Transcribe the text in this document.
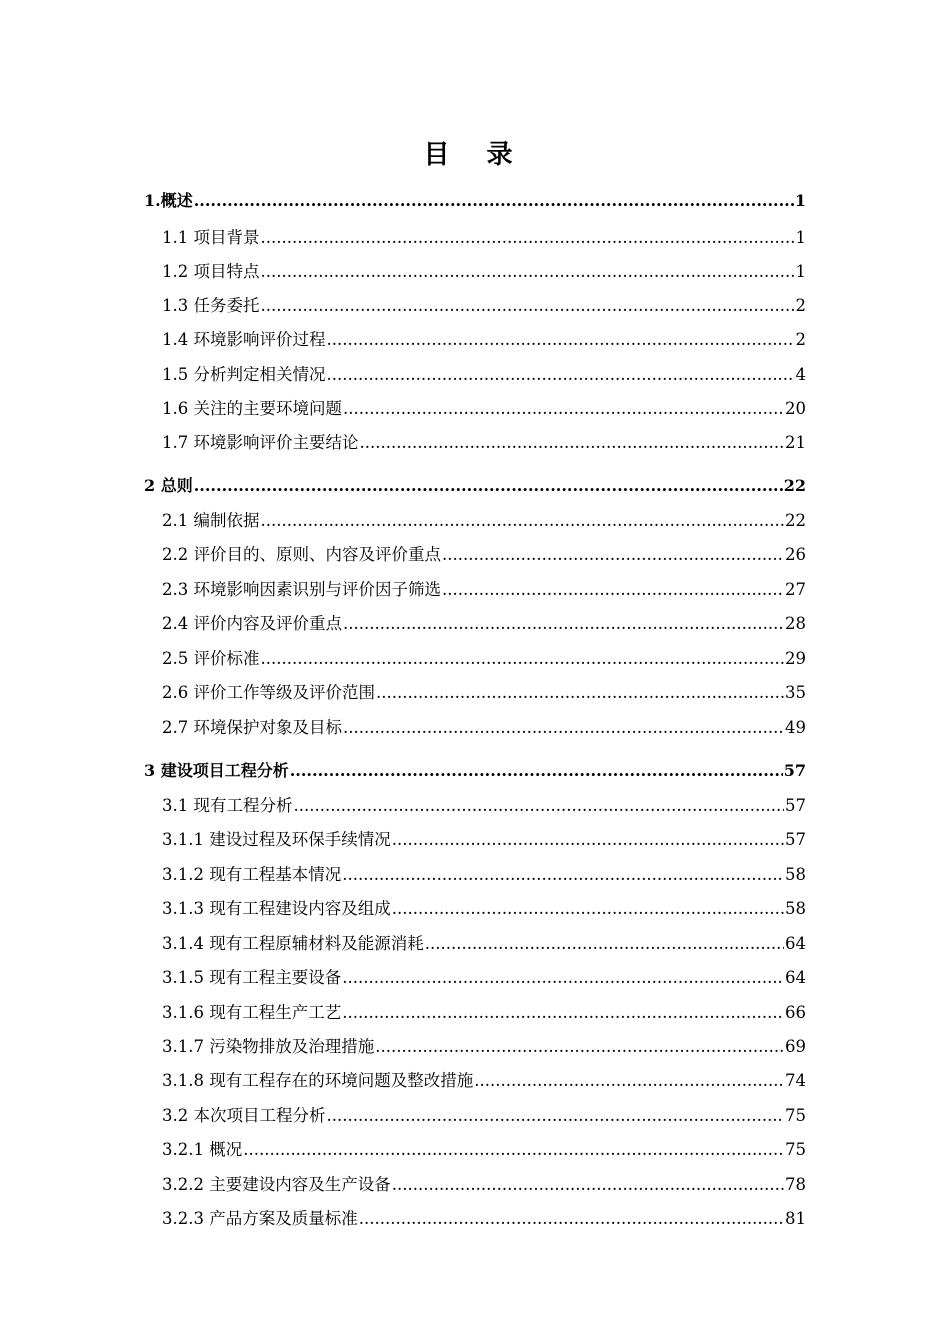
目 录
1.概述 .....	1
1.1 项目背景 .....	1
1.2 项目特点 .....	1
1.3 任务委托 .....	2
1.4 环境影响评价过程 .....	2
1.5 分析判定相关情况 .....	4
1.6 关注的主要环境问题 .....	20
1.7 环境影响评价主要结论 .....	21
2 总则 .....	22
2.1 编制依据 .....	22
2.2 评价目的、原则、内容及评价重点 .....	26
2.3 环境影响因素识别与评价因子筛选 .....	27
2.4 评价内容及评价重点 .....	28
2.5 评价标准 .....	29
2.6 评价工作等级及评价范围 .....	35
2.7 环境保护对象及目标 .....	49
3 建设项目工程分析 .....	57
3.1 现有工程分析 .....	57
3.1.1 建设过程及环保手续情况 .....	57
3.1.2 现有工程基本情况 .....	58
3.1.3 现有工程建设内容及组成 .....	58
3.1.4 现有工程原辅材料及能源消耗 .....	64
3.1.5 现有工程主要设备 .....	64
3.1.6 现有工程生产工艺 .....	66
3.1.7 污染物排放及治理措施 .....	69
3.1.8 现有工程存在的环境问题及整改措施 .....	74
3.2 本次项目工程分析 .....	75
3.2.1 概况 .....	75
3.2.2 主要建设内容及生产设备 .....	78
3.2.3 产品方案及质量标准 .....	81
